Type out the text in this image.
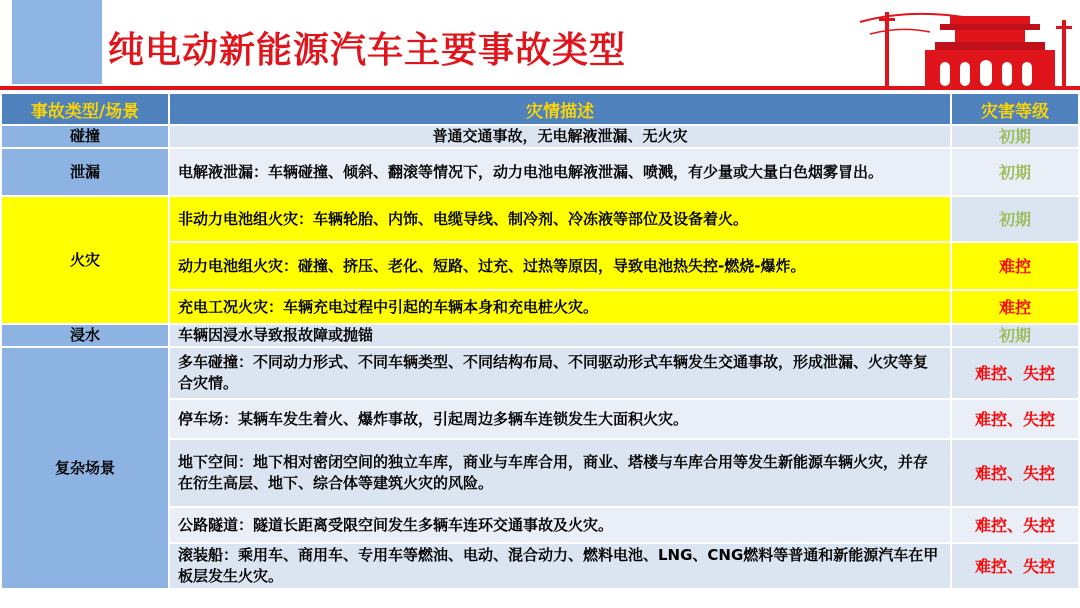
纯电动新能源汽车主要事故类型
事故类型/场景	灾情描述	灾害等级
碰撞	普通交通事故，无电解液泄漏、无火灾	初期
泄漏	电解液泄漏：车辆碰撞、倾斜、翻滚等情况下，动力电池电解液泄漏、喷溅，有少量或大量白色烟雾冒出。	初期
火灾	非动力电池组火灾：车辆轮胎、内饰、电缆导线、制冷剂、冷冻液等部位及设备着火。	初期
	动力电池组火灾：碰撞、挤压、老化、短路、过充、过热等原因，导致电池热失控-燃烧-爆炸。	难控
	充电工况火灾：车辆充电过程中引起的车辆本身和充电桩火灾。	难控
浸水	车辆因浸水导致报故障或抛锚	初期
复杂场景	多车碰撞：不同动力形式、不同车辆类型、不同结构布局、不同驱动形式车辆发生交通事故，形成泄漏、火灾等复合灾情。	难控、失控
	停车场：某辆车发生着火、爆炸事故，引起周边多辆车连锁发生大面积火灾。	难控、失控
	地下空间：地下相对密闭空间的独立车库，商业与车库合用，商业、塔楼与车库合用等发生新能源车辆火灾，并存在衍生高层、地下、综合体等建筑火灾的风险。	难控、失控
	公路隧道：隧道长距离受限空间发生多辆车连环交通事故及火灾。	难控、失控
	滚装船：乘用车、商用车、专用车等燃油、电动、混合动力、燃料电池、LNG、CNG燃料等普通和新能源汽车在甲板层发生火灾。	难控、失控
